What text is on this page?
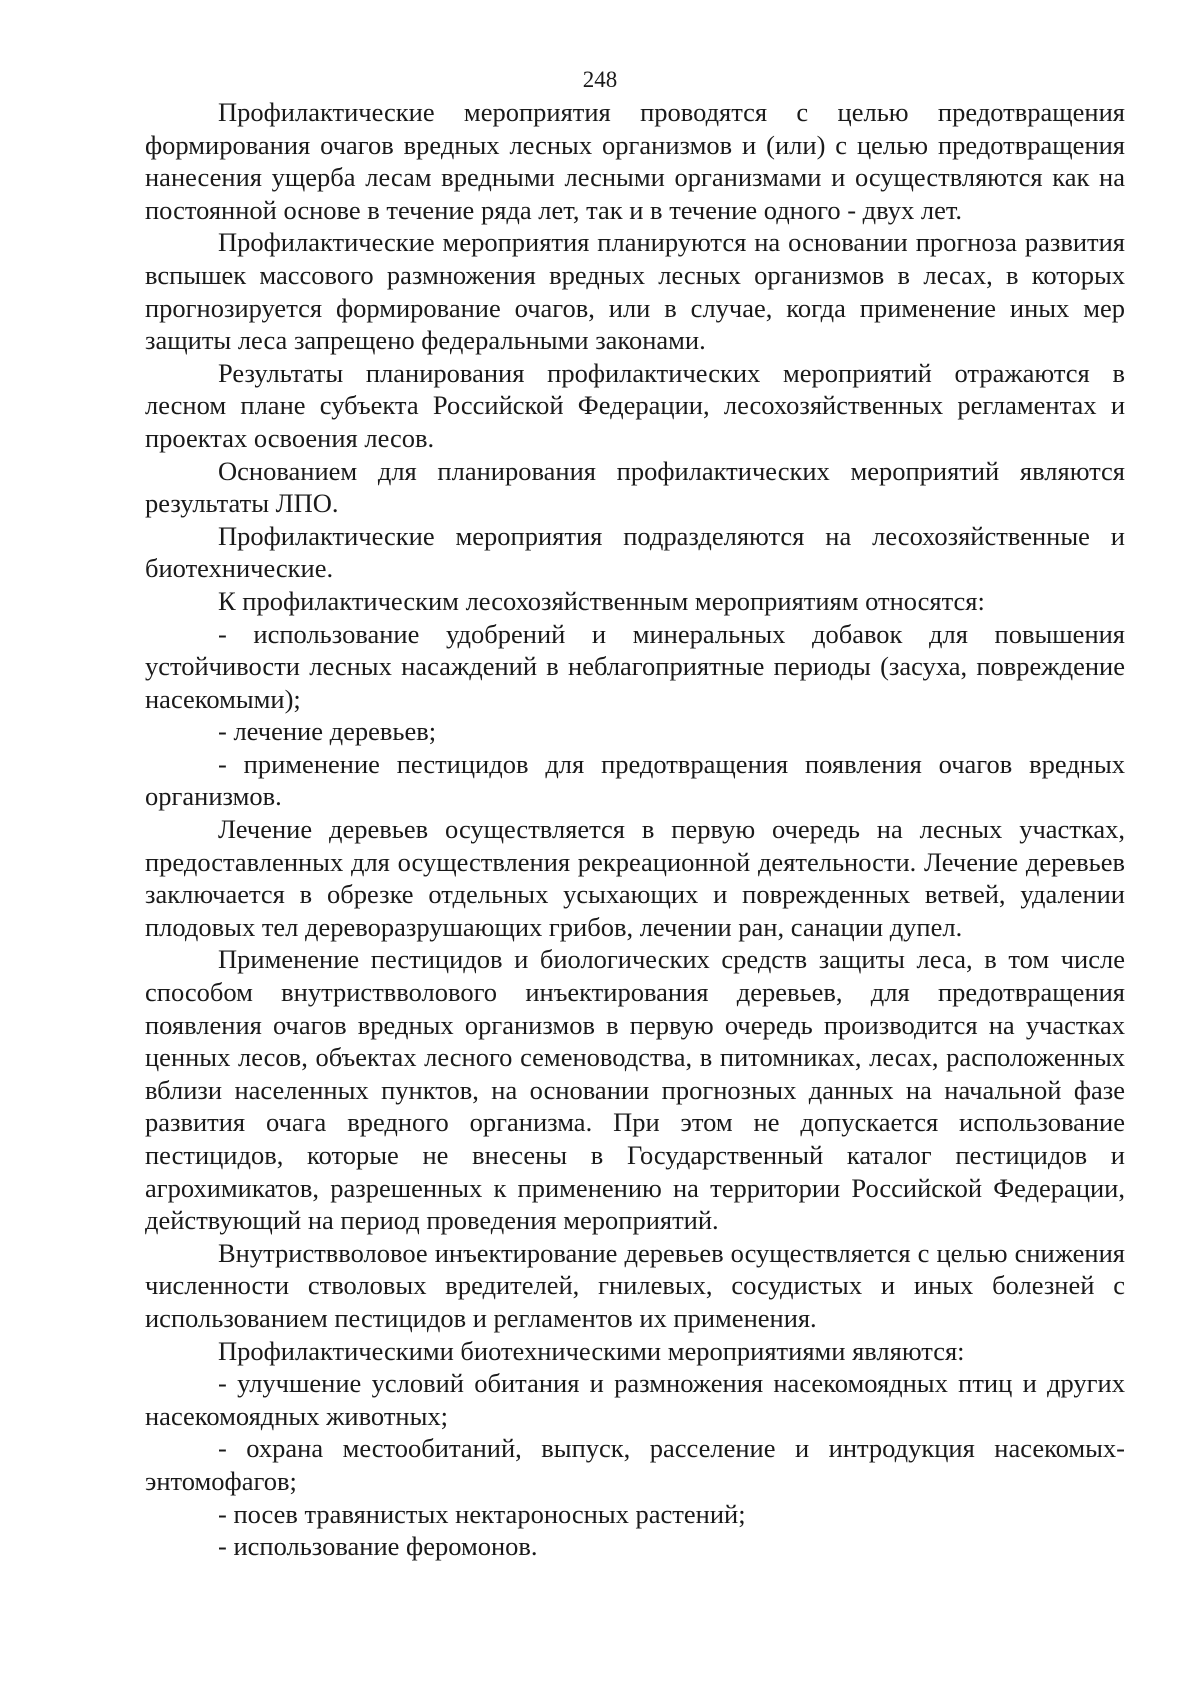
248

Профилактические мероприятия проводятся с целью предотвращения формирования очагов вредных лесных организмов и (или) с целью предотвращения нанесения ущерба лесам вредными лесными организмами и осуществляются как на постоянной основе в течение ряда лет, так и в течение одного - двух лет.

Профилактические мероприятия планируются на основании прогноза развития вспышек массового размножения вредных лесных организмов в лесах, в которых прогнозируется формирование очагов, или в случае, когда применение иных мер защиты леса запрещено федеральными законами.

Результаты планирования профилактических мероприятий отражаются в лесном плане субъекта Российской Федерации, лесохозяйственных регламентах и проектах освоения лесов.

Основанием для планирования профилактических мероприятий являются результаты ЛПО.

Профилактические мероприятия подразделяются на лесохозяйственные и биотехнические.

К профилактическим лесохозяйственным мероприятиям относятся:

- использование удобрений и минеральных добавок для повышения устойчивости лесных насаждений в неблагоприятные периоды (засуха, повреждение насекомыми);

- лечение деревьев;

- применение пестицидов для предотвращения появления очагов вредных организмов.

Лечение деревьев осуществляется в первую очередь на лесных участках, предоставленных для осуществления рекреационной деятельности. Лечение деревьев заключается в обрезке отдельных усыхающих и поврежденных ветвей, удалении плодовых тел дереворазрушающих грибов, лечении ран, санации дупел.

Применение пестицидов и биологических средств защиты леса, в том числе способом внутриствволового инъектирования деревьев, для предотвращения появления очагов вредных организмов в первую очередь производится на участках ценных лесов, объектах лесного семеноводства, в питомниках, лесах, расположенных вблизи населенных пунктов, на основании прогнозных данных на начальной фазе развития очага вредного организма. При этом не допускается использование пестицидов, которые не внесены в Государственный каталог пестицидов и агрохимикатов, разрешенных к применению на территории Российской Федерации, действующий на период проведения мероприятий.

Внутриствволовое инъектирование деревьев осуществляется с целью снижения численности стволовых вредителей, гнилевых, сосудистых и иных болезней с использованием пестицидов и регламентов их применения.

Профилактическими биотехническими мероприятиями являются:

- улучшение условий обитания и размножения насекомоядных птиц и других насекомоядных животных;

- охрана местообитаний, выпуск, расселение и интродукция насекомых-энтомофагов;

- посев травянистых нектароносных растений;

- использование феромонов.
